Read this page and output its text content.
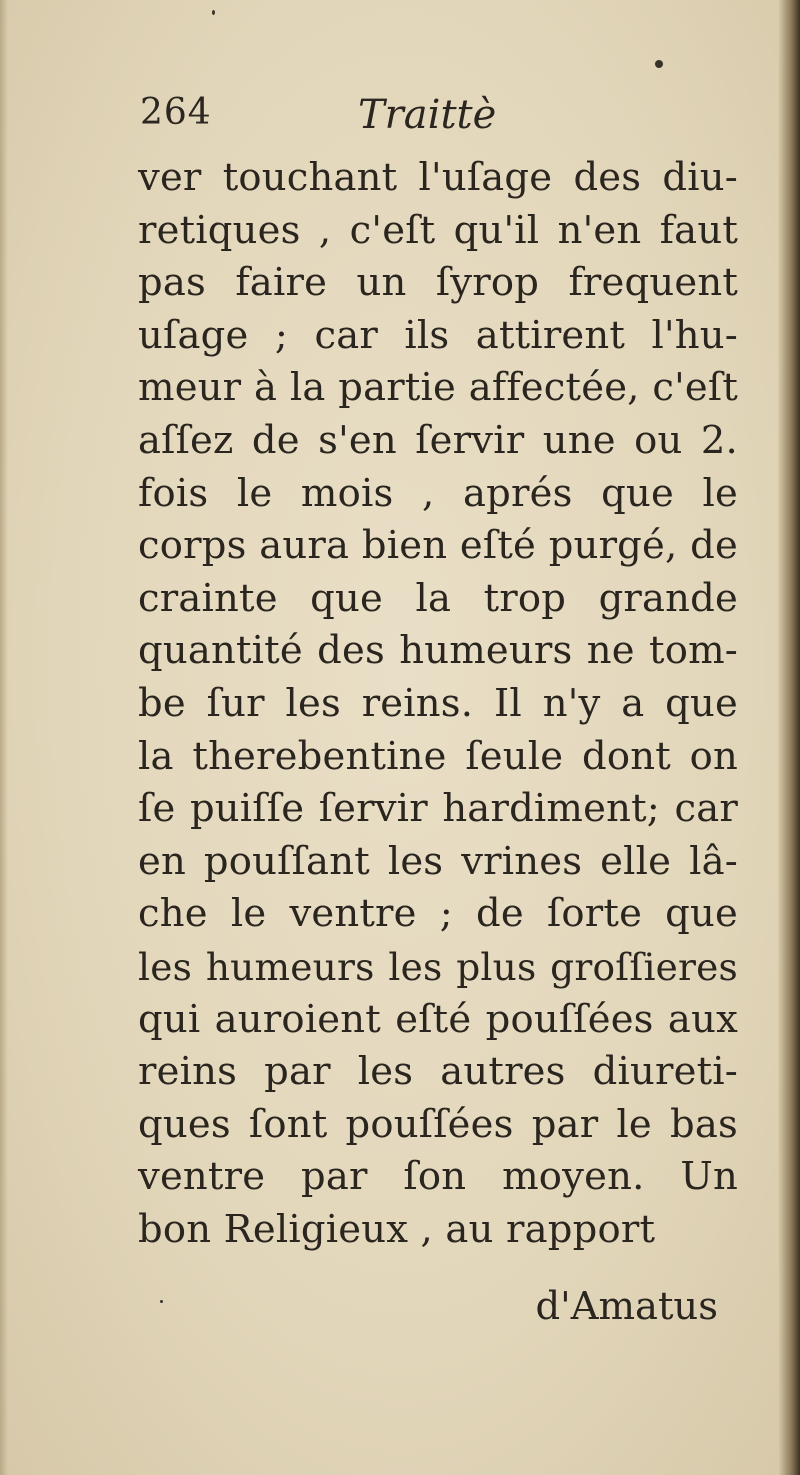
264	Traittè
ver touchant l'uſage des diu-
retiques , c'eſt qu'il n'en faut
pas faire un ſyrop frequent
uſage ; car ils attirent l'hu-
meur à la partie affectée, c'eſt
aſſez de s'en ſervir une ou 2.
fois le mois , aprés que le
corps aura bien eſté purgé, de
crainte que la trop grande
quantité des humeurs ne tom-
be ſur les reins. Il n'y a que
la therebentine ſeule dont on
ſe puiſſe ſervir hardiment; car
en pouſſant les vrines elle lâ-
che le ventre ; de ſorte que
les humeurs les plus groſſieres
qui auroient eſté pouſſées aux
reins par les autres diureti-
ques ſont pouſſées par le bas
ventre par ſon moyen. Un
bon Religieux , au rapport
d'Amatus
